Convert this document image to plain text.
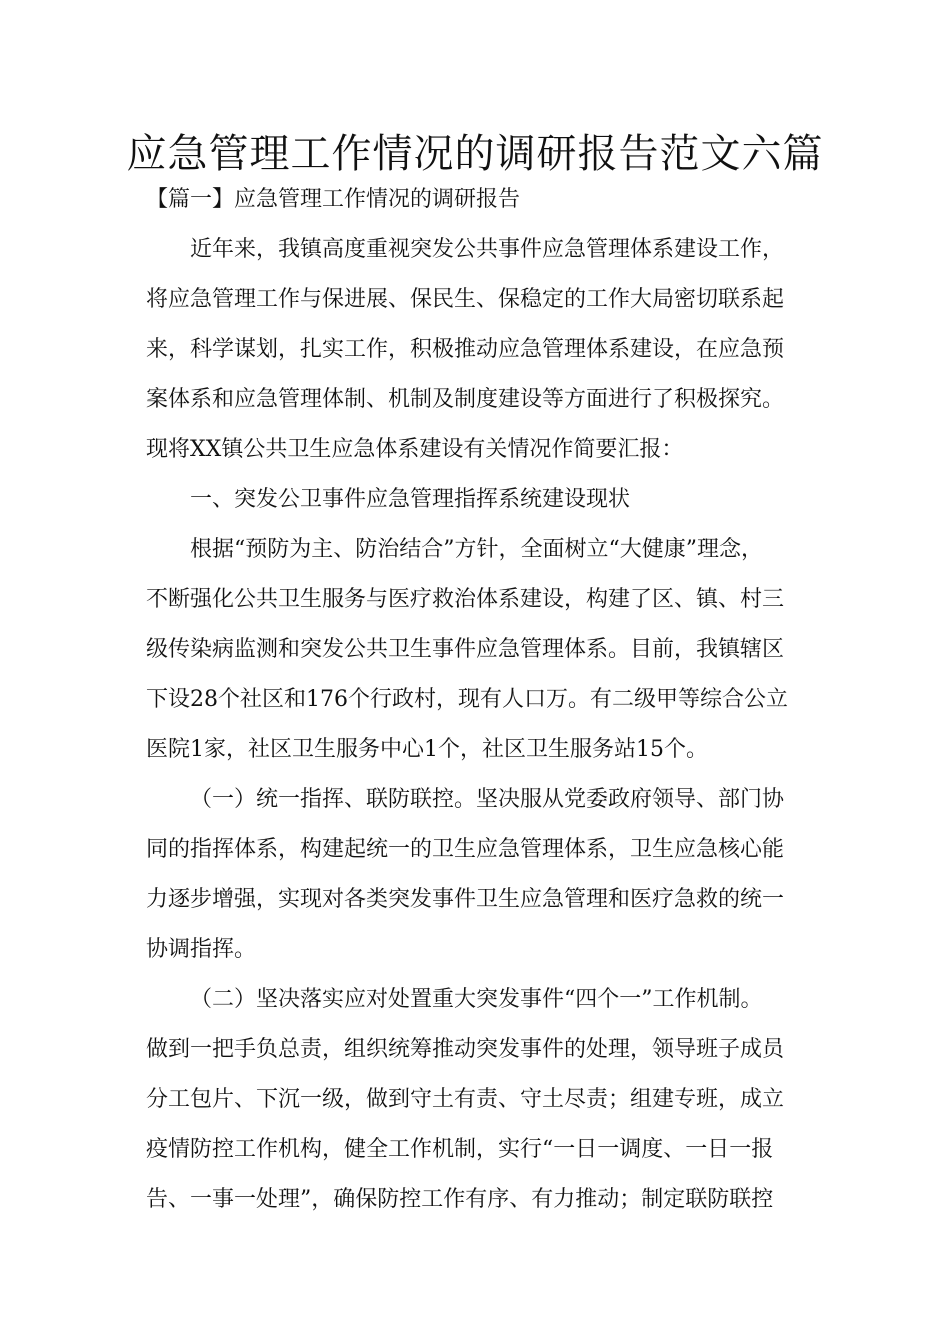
应急管理工作情况的调研报告范文六篇

【篇一】应急管理工作情况的调研报告

近年来，我镇高度重视突发公共事件应急管理体系建设工作，

将应急管理工作与保进展、保民生、保稳定的工作大局密切联系起

来，科学谋划，扎实工作，积极推动应急管理体系建设，在应急预

案体系和应急管理体制、机制及制度建设等方面进行了积极探究。

现将XX镇公共卫生应急体系建设有关情况作简要汇报：

一、突发公卫事件应急管理指挥系统建设现状

根据“预防为主、防治结合”方针，全面树立“大健康”理念，

不断强化公共卫生服务与医疗救治体系建设，构建了区、镇、村三

级传染病监测和突发公共卫生事件应急管理体系。目前，我镇辖区

下设28个社区和176个行政村，现有人口万。有二级甲等综合公立

医院1家，社区卫生服务中心1个，社区卫生服务站15个。

（一）统一指挥、联防联控。坚决服从党委政府领导、部门协

同的指挥体系，构建起统一的卫生应急管理体系，卫生应急核心能

力逐步增强，实现对各类突发事件卫生应急管理和医疗急救的统一

协调指挥。

（二）坚决落实应对处置重大突发事件“四个一”工作机制。

做到一把手负总责，组织统筹推动突发事件的处理，领导班子成员

分工包片、下沉一级，做到守土有责、守土尽责；组建专班，成立

疫情防控工作机构，健全工作机制，实行“一日一调度、一日一报

告、一事一处理”，确保防控工作有序、有力推动；制定联防联控
